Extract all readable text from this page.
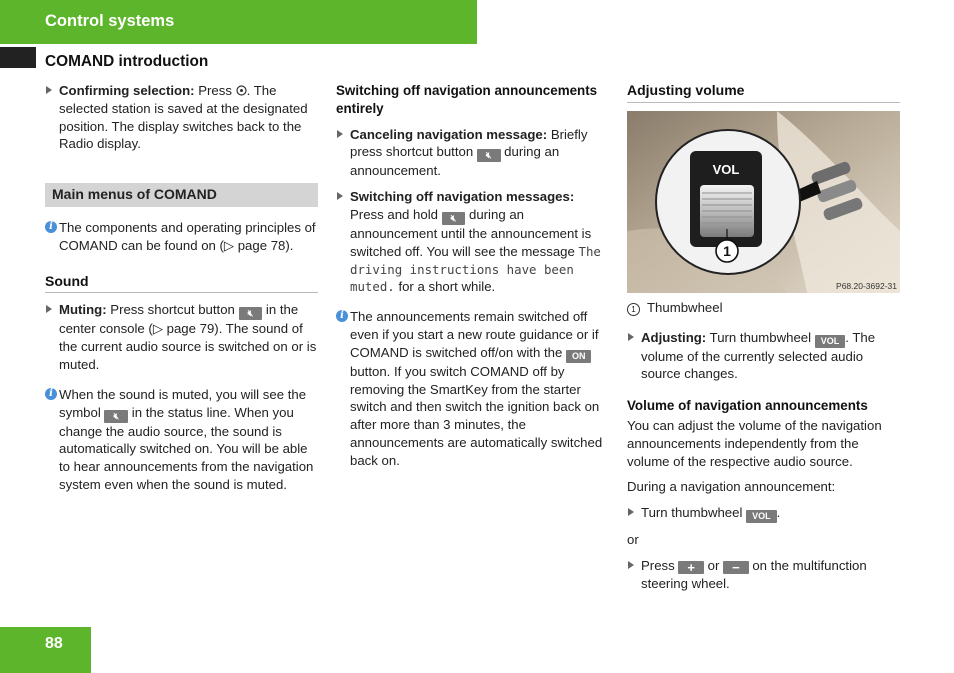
Control systems
COMAND introduction
Confirming selection: Press . The selected station is saved at the designated position. The display switches back to the Radio display.
Main menus of COMAND
i The components and operating principles of COMAND can be found on (▷ page 78).
Sound
Muting: Press shortcut button 🔇︎ in the center console (▷ page 79). The sound of the current audio source is switched on or is muted.
i When the sound is muted, you will see the symbol 🔇︎ in the status line. When you change the audio source, the sound is automatically switched on. You will be able to hear announcements from the navigation system even when the sound is muted.
Switching off navigation announcements entirely
Canceling navigation message: Briefly press shortcut button 🔇︎ during an announcement.
Switching off navigation messages: Press and hold 🔇︎ during an announcement until the announcement is switched off. You will see the message The driving instructions have been muted. for a short while.
i The announcements remain switched off even if you start a new route guidance or if COMAND is switched off/on with the ON button. If you switch COMAND off by removing the SmartKey from the starter switch and then switch the ignition back on after more than 3 minutes, the announcements are automatically switched back on.
Adjusting volume
VOL
1
P68.20-3692-31
1 Thumbwheel
Adjusting: Turn thumbwheel VOL . The volume of the currently selected audio source changes.
Volume of navigation announcements
You can adjust the volume of the navigation announcements independently from the volume of the respective audio source.
During a navigation announcement:
Turn thumbwheel VOL .
or
Press + or − on the multifunction steering wheel.
88
